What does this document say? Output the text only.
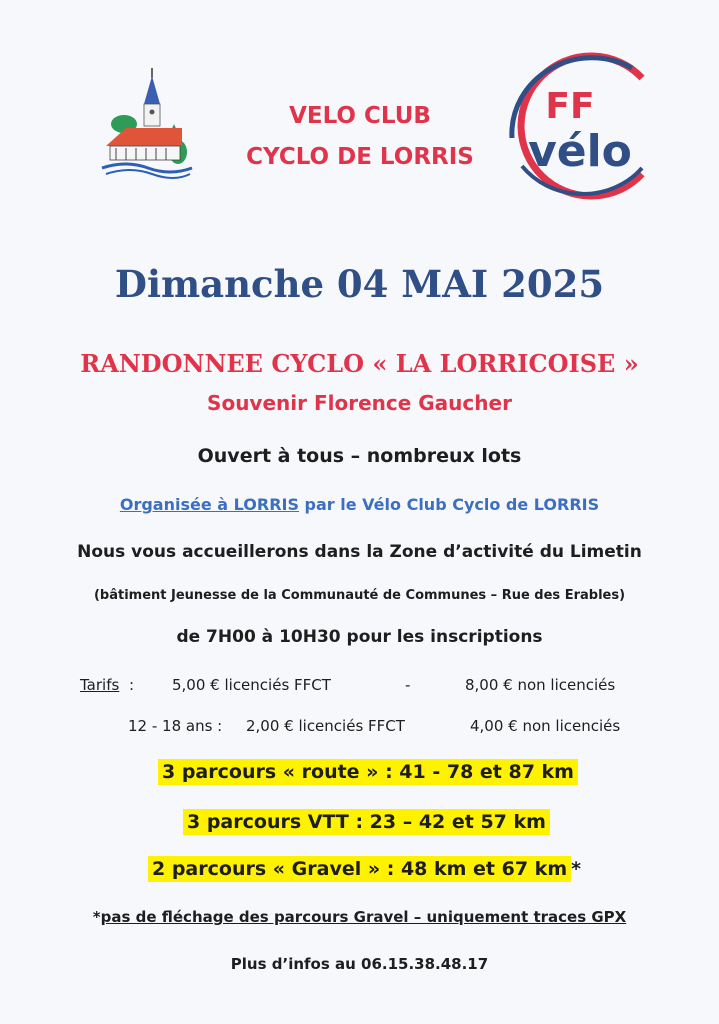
VELO CLUB
CYCLO DE LORRIS
FF
vélo
Dimanche 04 MAI 2025
RANDONNEE CYCLO « LA LORRICOISE »
Souvenir Florence Gaucher
Ouvert à tous – nombreux lots
Organisée à LORRIS par le Vélo Club Cyclo de LORRIS
Nous vous accueillerons dans la Zone d’activité du Limetin
(bâtiment Jeunesse de la Communauté de Communes – Rue des Erables)
de 7H00 à 10H30 pour les inscriptions
Tarifs :	5,00 € licenciés FFCT	-	8,00 € non licenciés
12 - 18 ans : 2,00 € licenciés FFCT	4,00 € non licenciés
3 parcours « route » : 41 - 78 et 87 km
3 parcours VTT : 23 – 42 et 57 km
2 parcours « Gravel » : 48 km et 67 km *
*pas de fléchage des parcours Gravel – uniquement traces GPX
Plus d’infos au 06.15.38.48.17
